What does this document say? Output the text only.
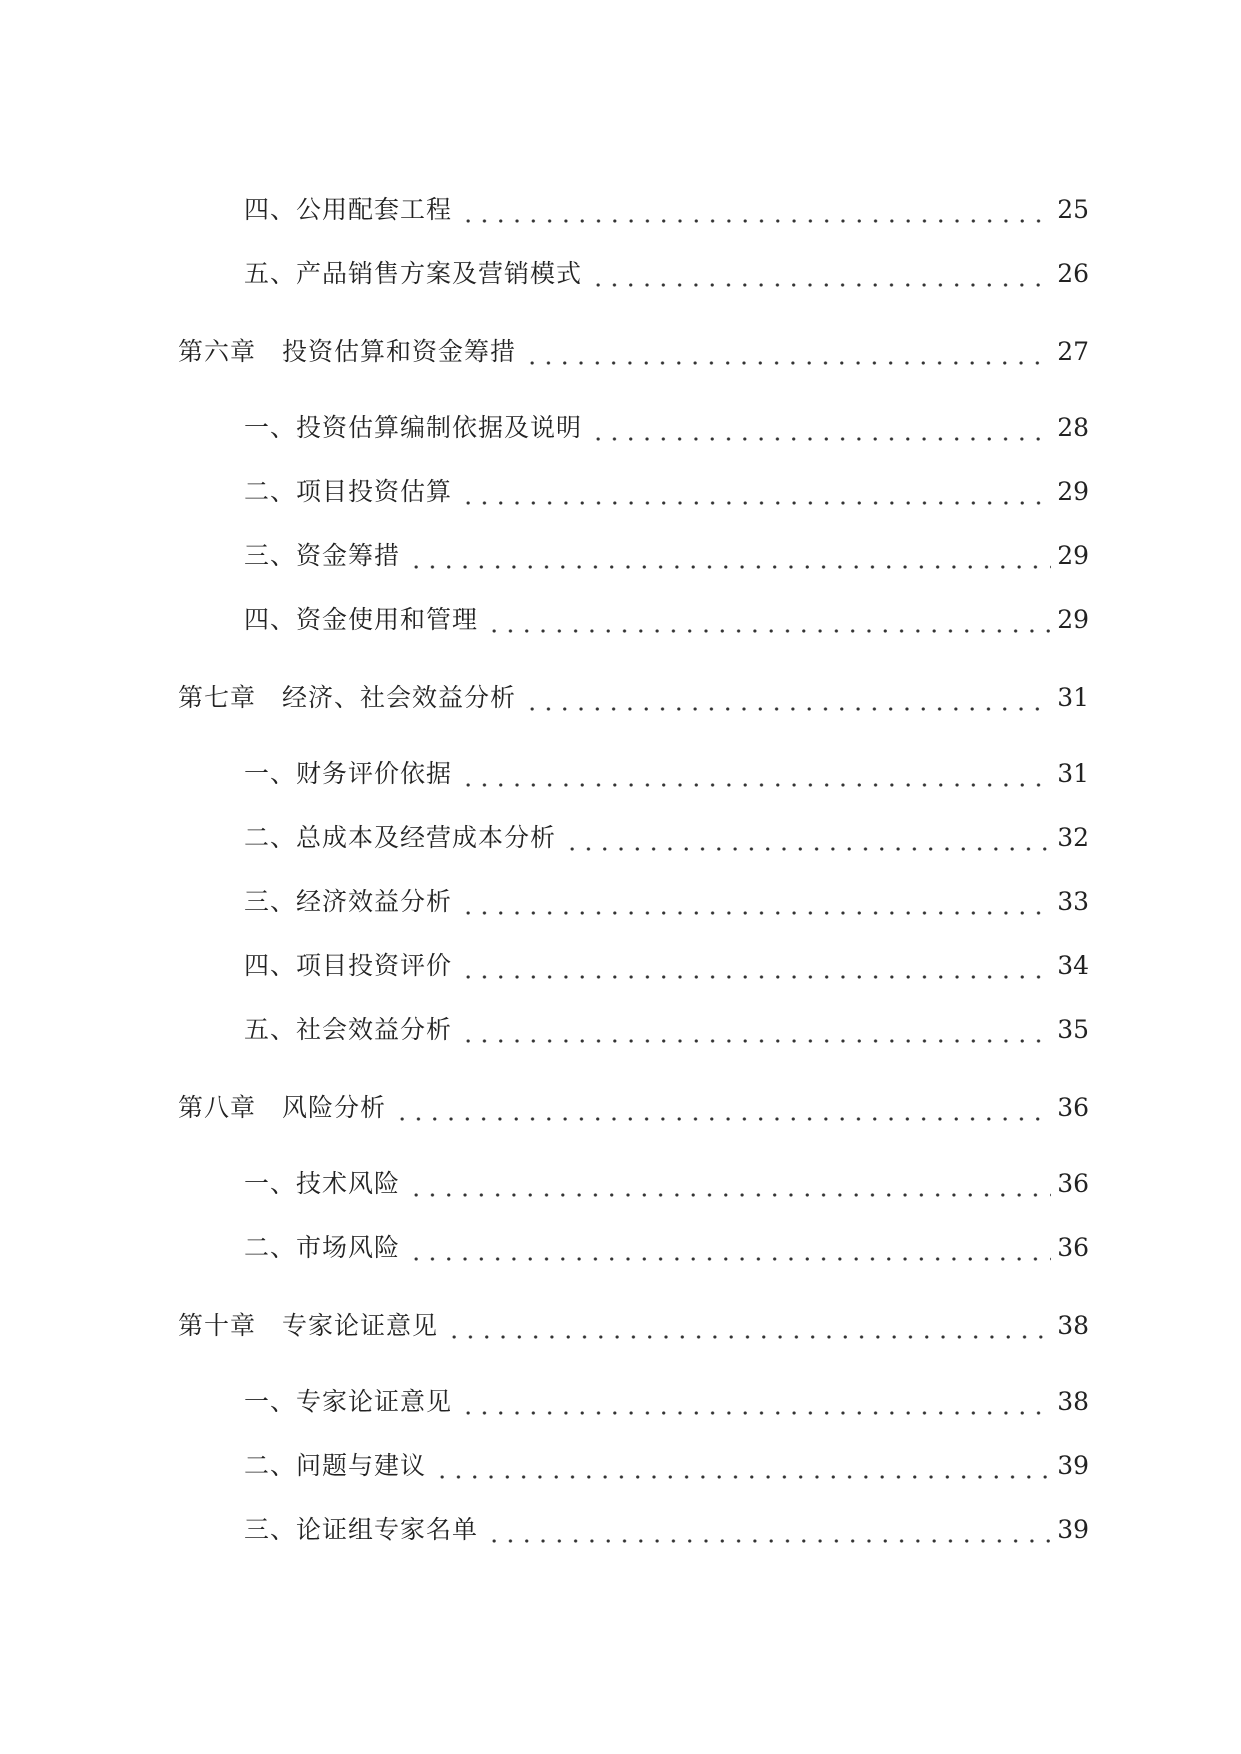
四、公用配套工程	25
五、产品销售方案及营销模式	26
第六章 投资估算和资金筹措	27
一、投资估算编制依据及说明	28
二、项目投资估算	29
三、资金筹措	29
四、资金使用和管理	29
第七章 经济、社会效益分析	31
一、财务评价依据	31
二、总成本及经营成本分析	32
三、经济效益分析	33
四、项目投资评价	34
五、社会效益分析	35
第八章 风险分析	36
一、技术风险	36
二、市场风险	36
第十章 专家论证意见	38
一、专家论证意见	38
二、问题与建议	39
三、论证组专家名单	39
